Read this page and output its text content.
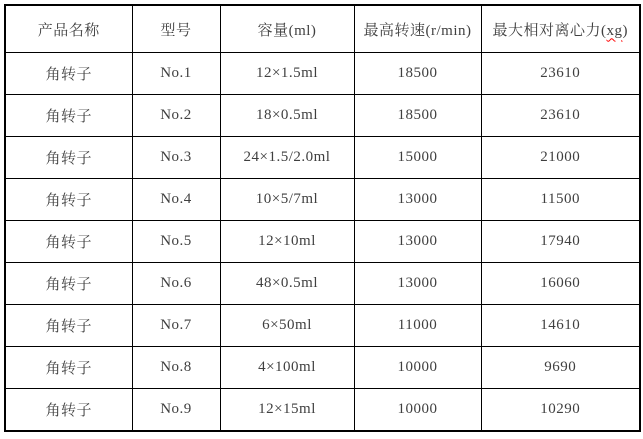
产品名称	型号	容量(ml)	最高转速(r/min)	最大相对离心力(xg)
角转子	No.1	12×1.5ml	18500	23610
角转子	No.2	18×0.5ml	18500	23610
角转子	No.3	24×1.5/2.0ml	15000	21000
角转子	No.4	10×5/7ml	13000	11500
角转子	No.5	12×10ml	13000	17940
角转子	No.6	48×0.5ml	13000	16060
角转子	No.7	6×50ml	11000	14610
角转子	No.8	4×100ml	10000	9690
角转子	No.9	12×15ml	10000	10290
